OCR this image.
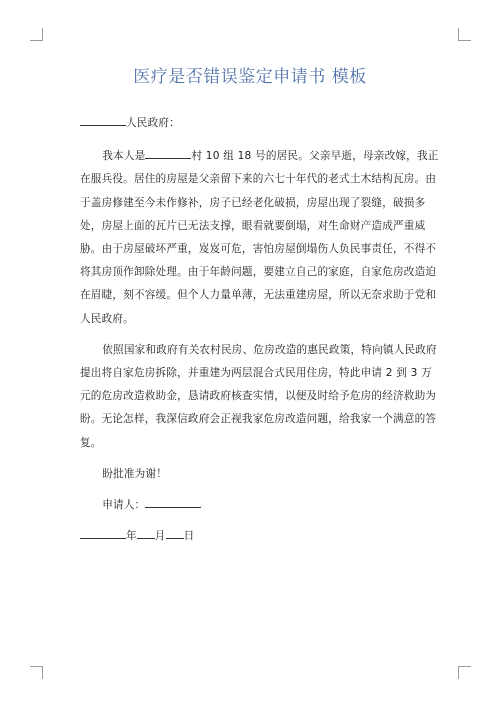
医疗是否错误鉴定申请书 模板

人民政府：

我本人是	村 10 组 18 号的居民。父亲早逝，母亲改嫁，我正在服兵役。居住的房屋是父亲留下来的六七十年代的老式土木结构瓦房。由于盖房修建至今未作修补，房子已经老化破损，房屋出现了裂缝，破损多处，房屋上面的瓦片已无法支撑，眼看就要倒塌，对生命财产造成严重威胁。由于房屋破坏严重，岌岌可危，害怕房屋倒塌伤人负民事责任，不得不将其房顶作卸除处理。由于年龄问题，要建立自己的家庭，自家危房改造迫在眉睫，刻不容缓。但个人力量单薄，无法重建房屋，所以无奈求助于党和人民政府。

依照国家和政府有关农村民房、危房改造的惠民政策，特向镇人民政府提出将自家危房拆除，并重建为两层混合式民用住房，特此申请 2 到 3 万元的危房改造救助金，恳请政府核查实情，以便及时给予危房的经济救助为盼。无论怎样，我深信政府会正视我家危房改造问题，给我家一个满意的答复。

盼批准为谢！

申请人：

年 月 日
